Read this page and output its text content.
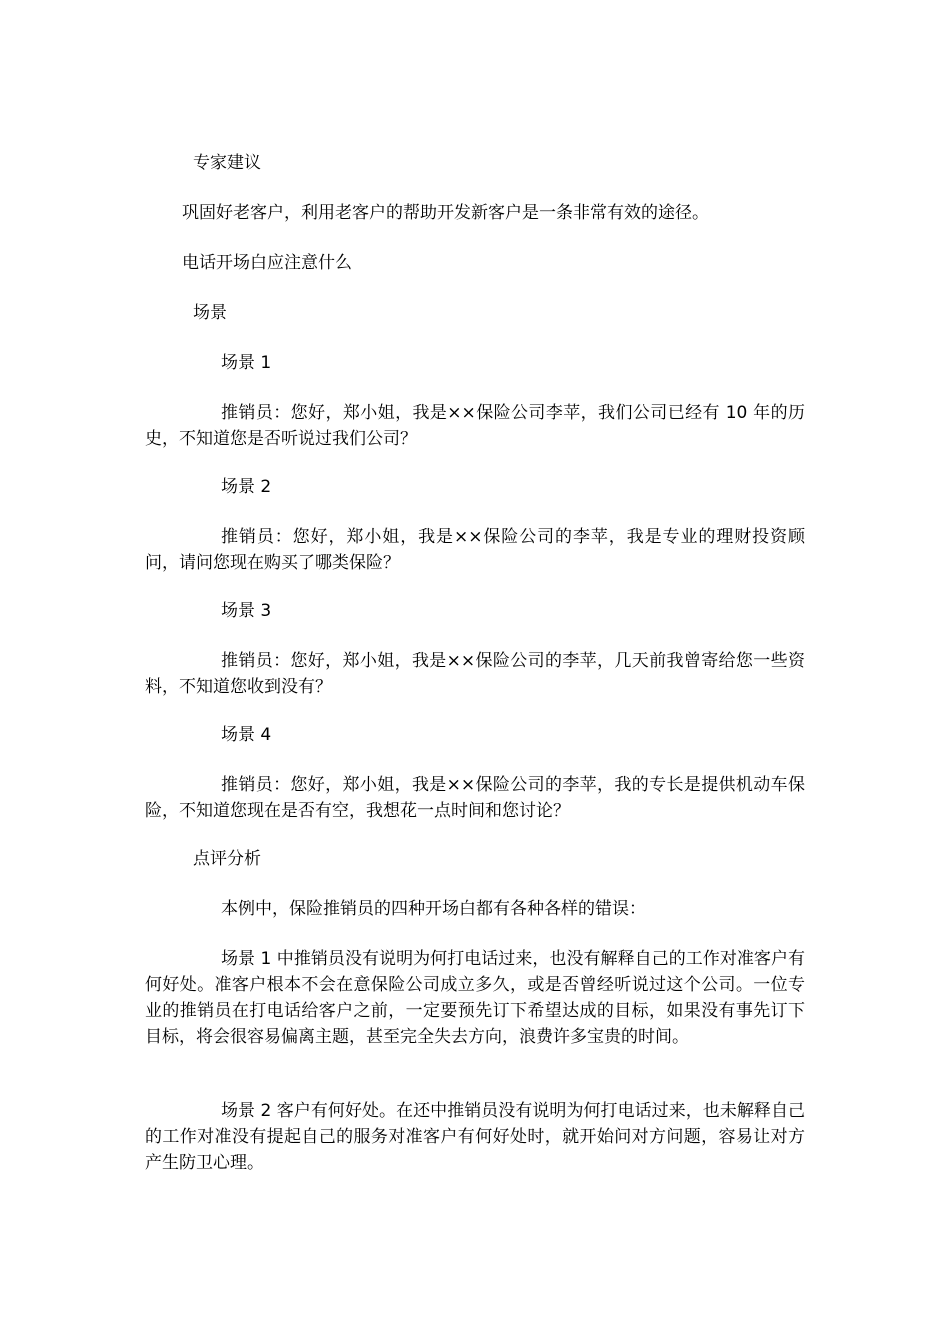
专家建议

巩固好老客户，利用老客户的帮助开发新客户是一条非常有效的途径。

电话开场白应注意什么

场景

场景 1

推销员：您好，郑小姐，我是××保险公司李苹，我们公司已经有 10 年的历史，不知道您是否听说过我们公司？

场景 2

推销员：您好，郑小姐，我是××保险公司的李苹，我是专业的理财投资顾问，请问您现在购买了哪类保险？

场景 3

推销员：您好，郑小姐，我是××保险公司的李苹，几天前我曾寄给您一些资料，不知道您收到没有？

场景 4

推销员：您好，郑小姐，我是××保险公司的李苹，我的专长是提供机动车保险，不知道您现在是否有空，我想花一点时间和您讨论？

点评分析

本例中，保险推销员的四种开场白都有各种各样的错误：

场景 1 中推销员没有说明为何打电话过来，也没有解释自己的工作对准客户有何好处。准客户根本不会在意保险公司成立多久，或是否曾经听说过这个公司。一位专业的推销员在打电话给客户之前，一定要预先订下希望达成的目标，如果没有事先订下目标，将会很容易偏离主题，甚至完全失去方向，浪费许多宝贵的时间。

场景 2 客户有何好处。在还中推销员没有说明为何打电话过来，也未解释自己的工作对准没有提起自己的服务对准客户有何好处时，就开始问对方问题，容易让对方产生防卫心理。
